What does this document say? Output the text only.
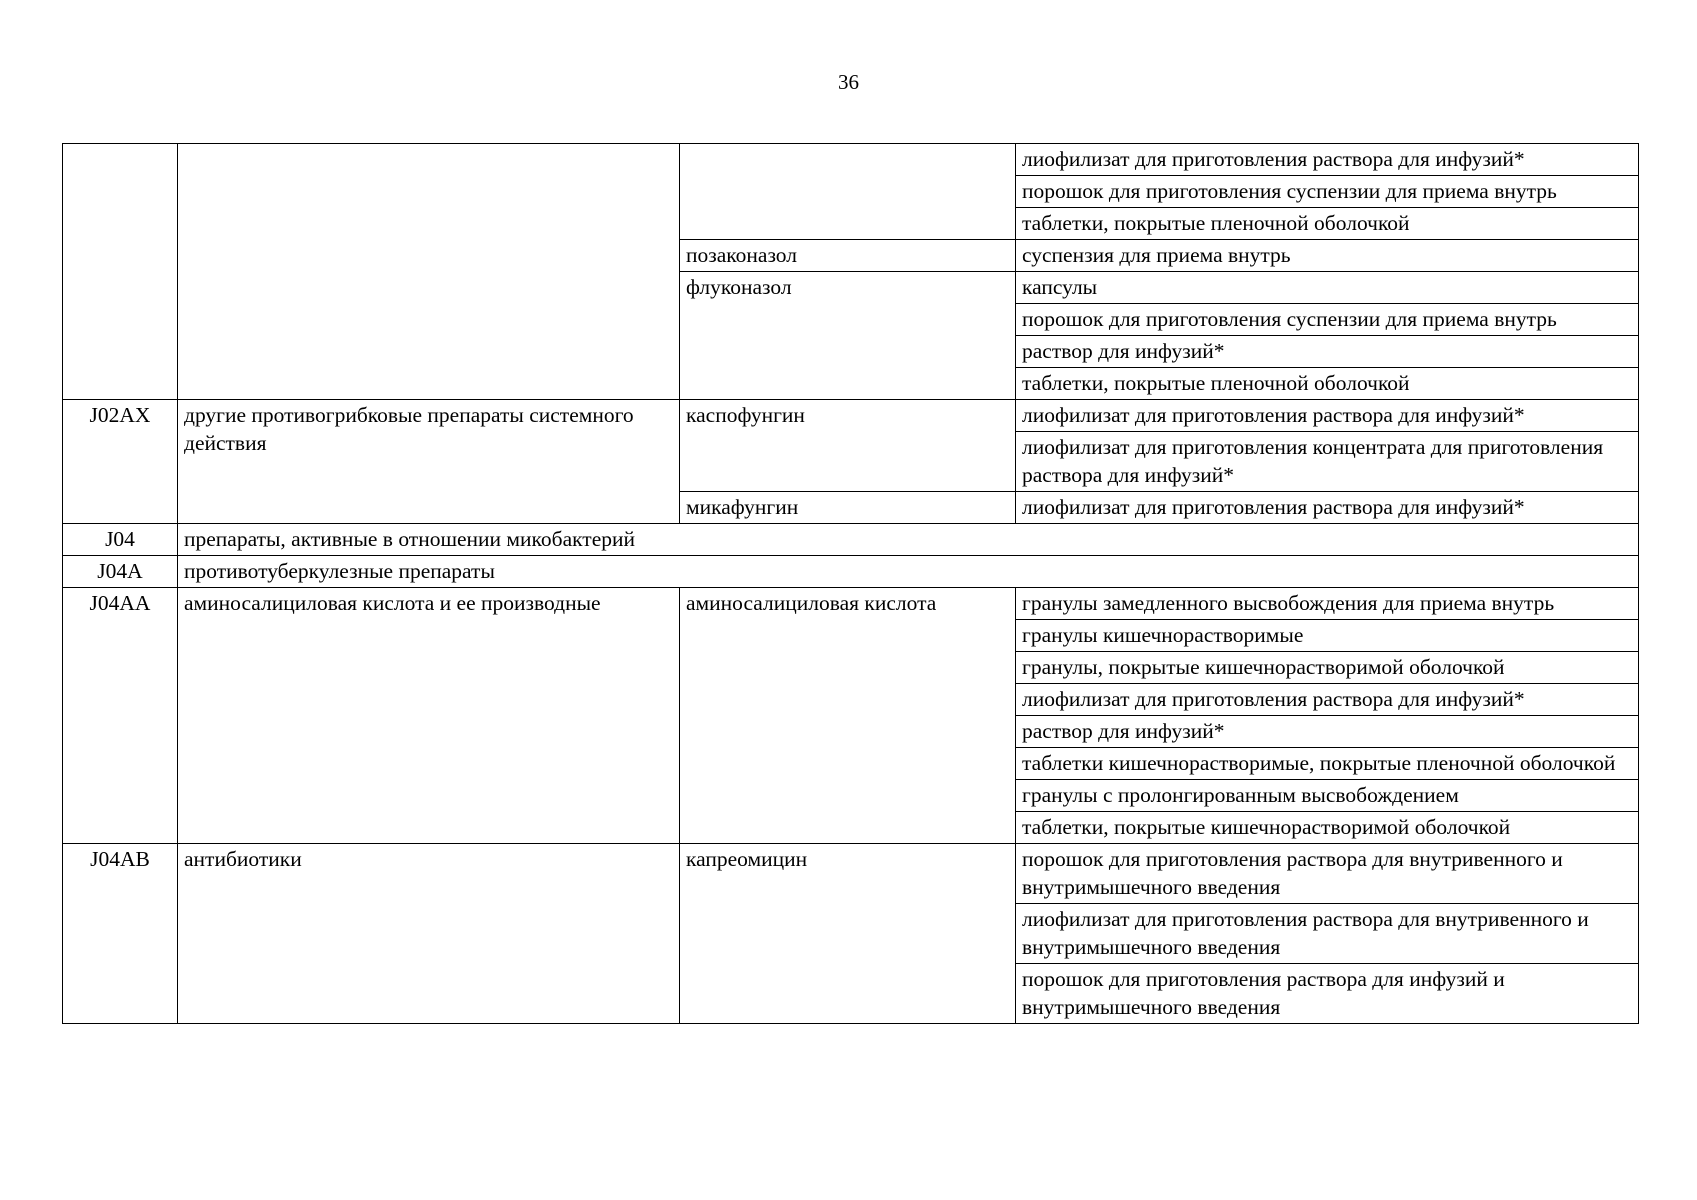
36
			лиофилизат для приготовления раствора для инфузий*
			порошок для приготовления суспензии для приема внутрь
			таблетки, покрытые пленочной оболочкой
		позаконазол	суспензия для приема внутрь
		флуконазол	капсулы
			порошок для приготовления суспензии для приема внутрь
			раствор для инфузий*
			таблетки, покрытые пленочной оболочкой
J02AX	другие противогрибковые препараты системного действия	каспофунгин	лиофилизат для приготовления раствора для инфузий*
			лиофилизат для приготовления концентрата для приготовления раствора для инфузий*
		микафунгин	лиофилизат для приготовления раствора для инфузий*
J04	препараты, активные в отношении микобактерий		
J04A	противотуберкулезные препараты		
J04AA	аминосалициловая кислота и ее производные	аминосалициловая кислота	гранулы замедленного высвобождения для приема внутрь
			гранулы кишечнорастворимые
			гранулы, покрытые кишечнорастворимой оболочкой
			лиофилизат для приготовления раствора для инфузий*
			раствор для инфузий*
			таблетки кишечнорастворимые, покрытые пленочной оболочкой
			гранулы с пролонгированным высвобождением
			таблетки, покрытые кишечнорастворимой оболочкой
J04AB	антибиотики	капреомицин	порошок для приготовления раствора для внутривенного и внутримышечного введения
			лиофилизат для приготовления раствора для внутривенного и внутримышечного введения
			порошок для приготовления раствора для инфузий и внутримышечного введения
